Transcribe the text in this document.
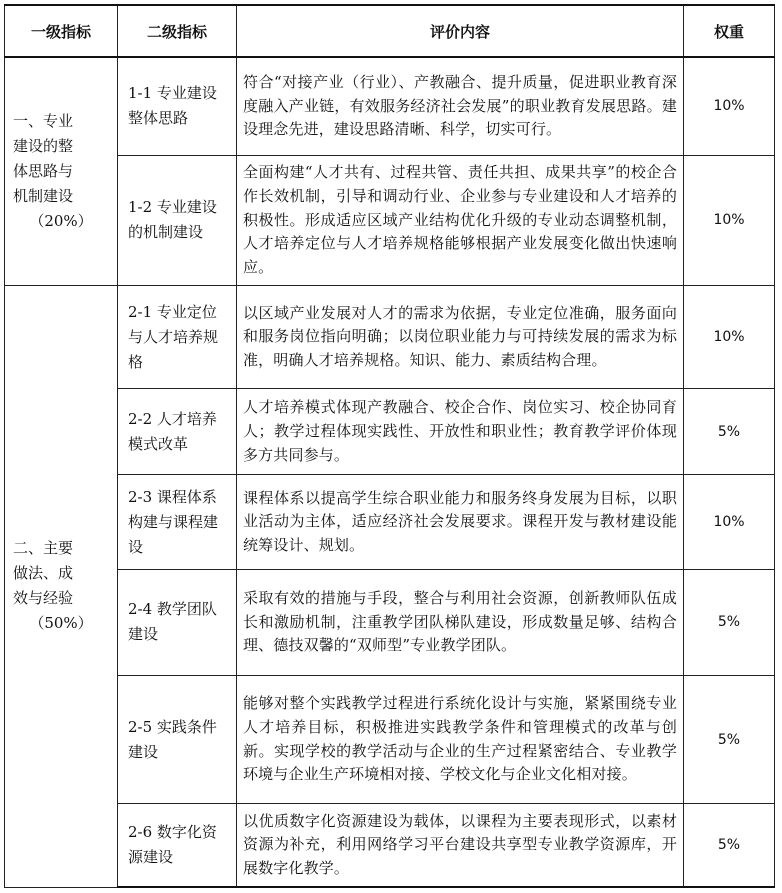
一级指标	二级指标	评价内容	权重

一、专业
建设的整
体思路与
机制建设
（20%）	1-1 专业建设整体思路	符合“对接产业（行业）、产教融合、提升质量，促进职业教育深度融入产业链，有效服务经济社会发展”的职业教育发展思路。建设理念先进，建设思路清晰、科学，切实可行。	10%
	1-2 专业建设的机制建设	全面构建“人才共有、过程共管、责任共担、成果共享”的校企合作长效机制，引导和调动行业、企业参与专业建设和人才培养的积极性。形成适应区域产业结构优化升级的专业动态调整机制，人才培养定位与人才培养规格能够根据产业发展变化做出快速响应。	10%

二、主要
做法、成
效与经验
（50%）	2-1 专业定位与人才培养规格	以区域产业发展对人才的需求为依据，专业定位准确，服务面向和服务岗位指向明确；以岗位职业能力与可持续发展的需求为标准，明确人才培养规格。知识、能力、素质结构合理。	10%
	2-2 人才培养模式改革	人才培养模式体现产教融合、校企合作、岗位实习、校企协同育人；教学过程体现实践性、开放性和职业性；教育教学评价体现多方共同参与。	5%
	2-3 课程体系构建与课程建设	课程体系以提高学生综合职业能力和服务终身发展为目标，以职业活动为主体，适应经济社会发展要求。课程开发与教材建设能统筹设计、规划。	10%
	2-4 教学团队建设	采取有效的措施与手段，整合与利用社会资源，创新教师队伍成长和激励机制，注重教学团队梯队建设，形成数量足够、结构合理、德技双馨的“双师型”专业教学团队。	5%
	2-5 实践条件建设	能够对整个实践教学过程进行系统化设计与实施，紧紧围绕专业人才培养目标，积极推进实践教学条件和管理模式的改革与创新。实现学校的教学活动与企业的生产过程紧密结合、专业教学环境与企业生产环境相对接、学校文化与企业文化相对接。	5%
	2-6 数字化资源建设	以优质数字化资源建设为载体，以课程为主要表现形式，以素材资源为补充，利用网络学习平台建设共享型专业教学资源库，开展数字化教学。	5%
